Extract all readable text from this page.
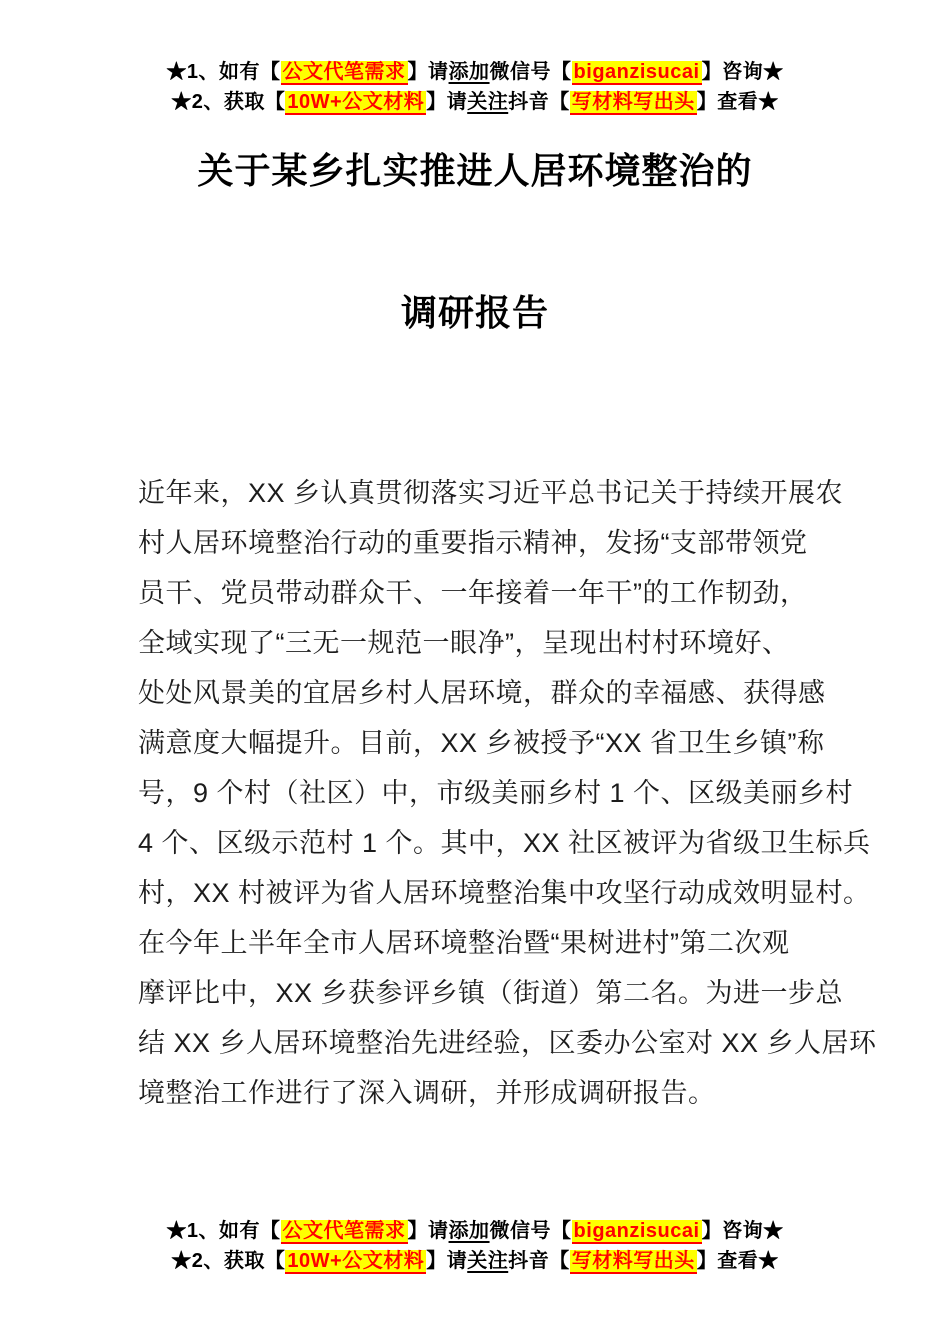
★1、如有【 公文代笔需求 】请添加微信号【 biganzisucai 】咨询★
★2、获取【 10W+公文材料 】请关注抖音【 写材料写出头 】查看★
关于某乡扎实推进人居环境整治的
调研报告
近年来，XX 乡认真贯彻落实习近平总书记关于持续开展农
村人居环境整治行动的重要指示精神，发扬“支部带领党
员干、党员带动群众干、一年接着一年干”的工作韧劲，
全域实现了“三无一规范一眼净”，呈现出村村环境好、
处处风景美的宜居乡村人居环境，群众的幸福感、获得感
满意度大幅提升。目前，XX 乡被授予“XX 省卫生乡镇”称
号，9 个村（社区）中，市级美丽乡村 1 个、区级美丽乡村
4 个、区级示范村 1 个。其中，XX 社区被评为省级卫生标兵
村，XX 村被评为省人居环境整治集中攻坚行动成效明显村。
在今年上半年全市人居环境整治暨“果树进村”第二次观
摩评比中，XX 乡获参评乡镇（街道）第二名。为进一步总
结 XX 乡人居环境整治先进经验，区委办公室对 XX 乡人居环
境整治工作进行了深入调研，并形成调研报告。
★1、如有【 公文代笔需求 】请添加微信号【 biganzisucai 】咨询★
★2、获取【 10W+公文材料 】请关注抖音【 写材料写出头 】查看★
